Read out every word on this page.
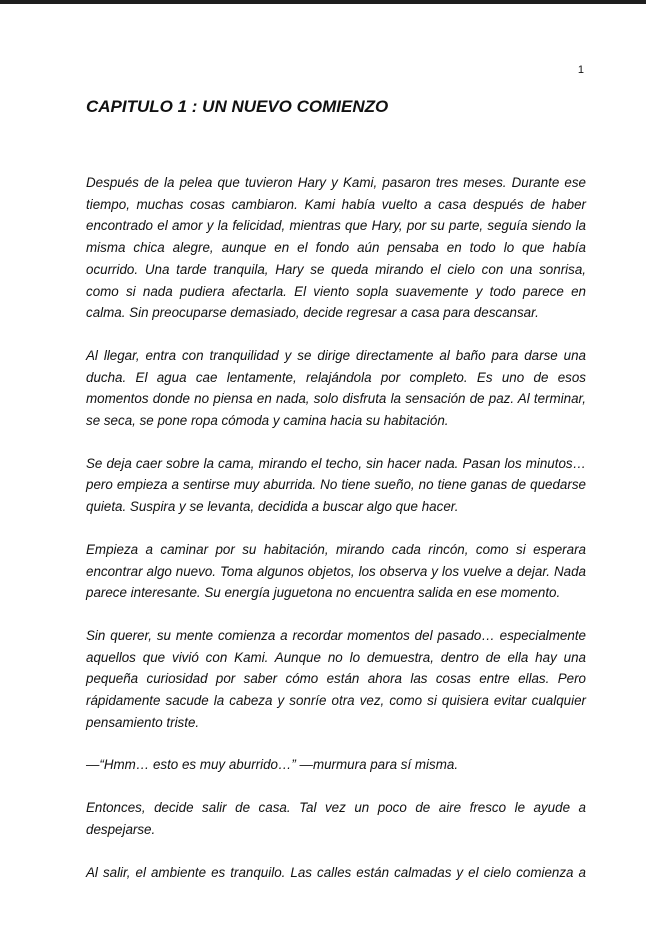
1
CAPITULO 1 : UN NUEVO COMIENZO

Después de la pelea que tuvieron Hary y Kami, pasaron tres meses. Durante ese tiempo, muchas cosas cambiaron. Kami había vuelto a casa después de haber encontrado el amor y la felicidad, mientras que Hary, por su parte, seguía siendo la misma chica alegre, aunque en el fondo aún pensaba en todo lo que había ocurrido. Una tarde tranquila, Hary se queda mirando el cielo con una sonrisa, como si nada pudiera afectarla. El viento sopla suavemente y todo parece en calma. Sin preocuparse demasiado, decide regresar a casa para descansar.

Al llegar, entra con tranquilidad y se dirige directamente al baño para darse una ducha. El agua cae lentamente, relajándola por completo. Es uno de esos momentos donde no piensa en nada, solo disfruta la sensación de paz. Al terminar, se seca, se pone ropa cómoda y camina hacia su habitación.

Se deja caer sobre la cama, mirando el techo, sin hacer nada. Pasan los minutos… pero empieza a sentirse muy aburrida. No tiene sueño, no tiene ganas de quedarse quieta. Suspira y se levanta, decidida a buscar algo que hacer.

Empieza a caminar por su habitación, mirando cada rincón, como si esperara encontrar algo nuevo. Toma algunos objetos, los observa y los vuelve a dejar. Nada parece interesante. Su energía juguetona no encuentra salida en ese momento.

Sin querer, su mente comienza a recordar momentos del pasado… especialmente aquellos que vivió con Kami. Aunque no lo demuestra, dentro de ella hay una pequeña curiosidad por saber cómo están ahora las cosas entre ellas. Pero rápidamente sacude la cabeza y sonríe otra vez, como si quisiera evitar cualquier pensamiento triste.

—“Hmm… esto es muy aburrido…” —murmura para sí misma.

Entonces, decide salir de casa. Tal vez un poco de aire fresco le ayude a despejarse.

Al salir, el ambiente es tranquilo. Las calles están calmadas y el cielo comienza a
